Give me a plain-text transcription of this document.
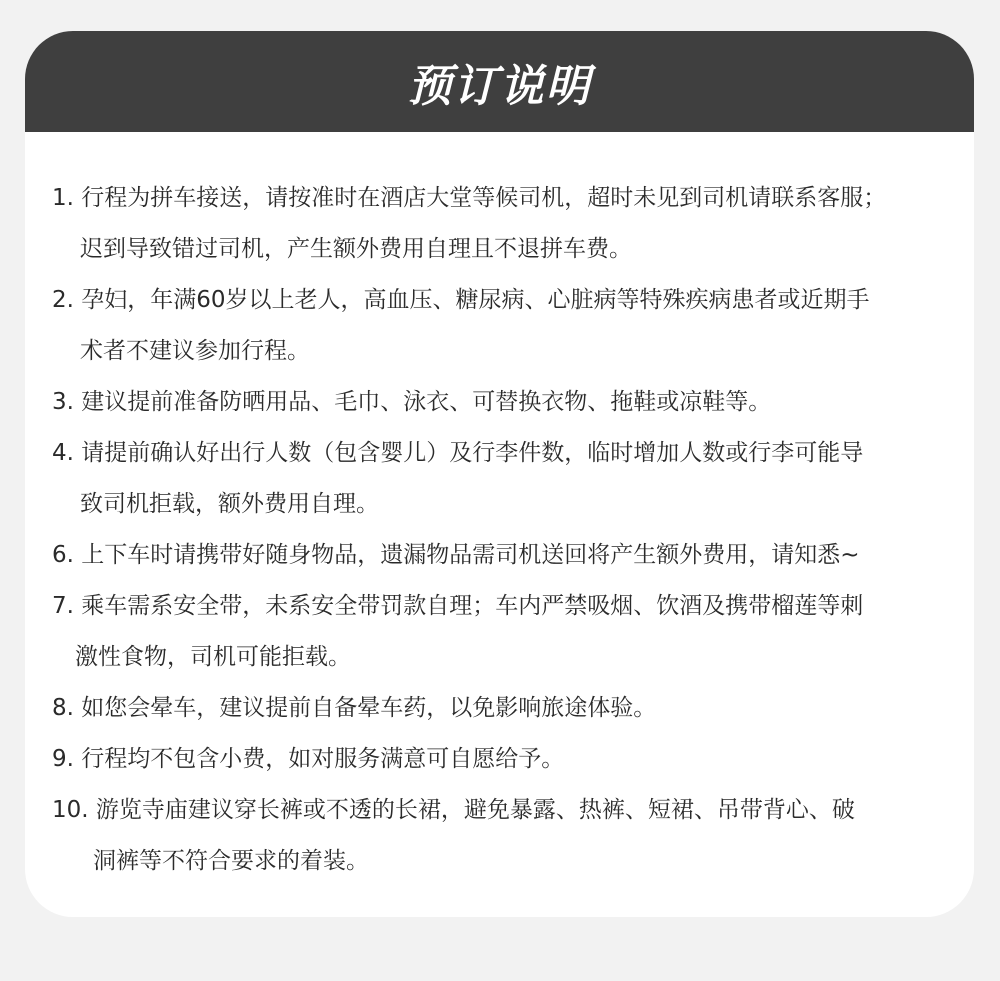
预订说明
1. 行程为拼车接送，请按准时在酒店大堂等候司机，超时未见到司机请联系客服；
迟到导致错过司机，产生额外费用自理且不退拼车费。
2. 孕妇，年满60岁以上老人，高血压、糖尿病、心脏病等特殊疾病患者或近期手
术者不建议参加行程。
3. 建议提前准备防晒用品、毛巾、泳衣、可替换衣物、拖鞋或凉鞋等。
4. 请提前确认好出行人数（包含婴儿）及行李件数，临时增加人数或行李可能导
致司机拒载，额外费用自理。
6. 上下车时请携带好随身物品，遗漏物品需司机送回将产生额外费用，请知悉~
7. 乘车需系安全带，未系安全带罚款自理；车内严禁吸烟、饮酒及携带榴莲等刺
激性食物，司机可能拒载。
8. 如您会晕车，建议提前自备晕车药，以免影响旅途体验。
9. 行程均不包含小费，如对服务满意可自愿给予。
10. 游览寺庙建议穿长裤或不透的长裙，避免暴露、热裤、短裙、吊带背心、破
洞裤等不符合要求的着装。
